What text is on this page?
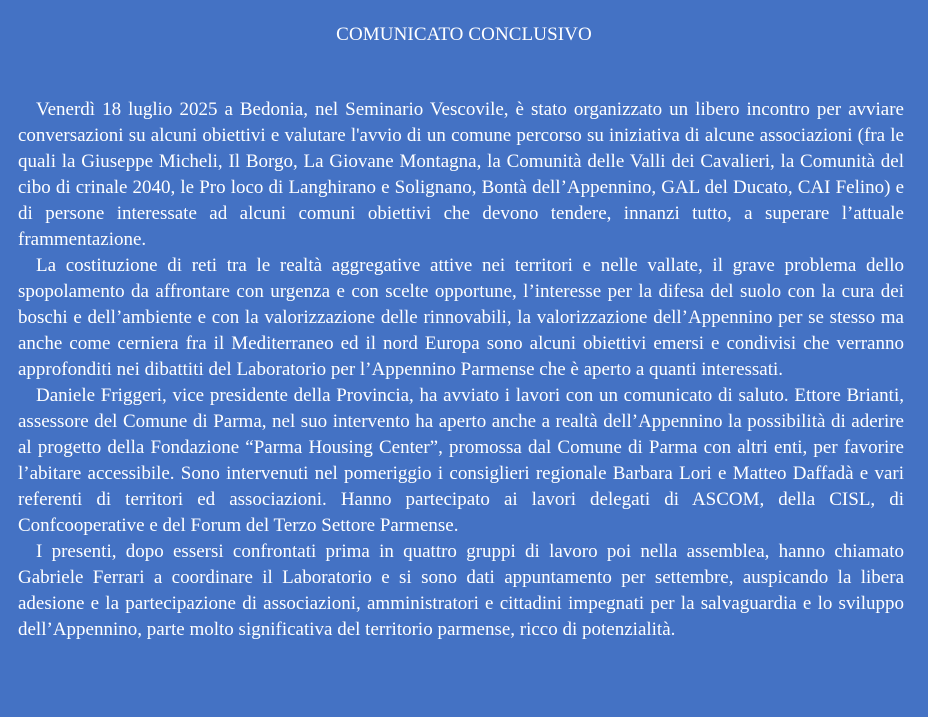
COMUNICATO CONCLUSIVO

Venerdì 18 luglio 2025 a Bedonia, nel Seminario Vescovile, è stato organizzato un libero incontro per avviare conversazioni su alcuni obiettivi e valutare l'avvio di un comune percorso su iniziativa di alcune associazioni (fra le quali la Giuseppe Micheli, Il Borgo, La Giovane Montagna, la Comunità delle Valli dei Cavalieri, la Comunità del cibo di crinale 2040, le Pro loco di Langhirano e Solignano, Bontà dell’Appennino, GAL del Ducato, CAI Felino) e di persone interessate ad alcuni comuni obiettivi che devono tendere, innanzi tutto, a superare l’attuale frammentazione.

La costituzione di reti tra le realtà aggregative attive nei territori e nelle vallate, il grave problema dello spopolamento da affrontare con urgenza e con scelte opportune, l’interesse per la difesa del suolo con la cura dei boschi e dell’ambiente e con la valorizzazione delle rinnovabili, la valorizzazione dell’Appennino per se stesso ma anche come cerniera fra il Mediterraneo ed il nord Europa sono alcuni obiettivi emersi e condivisi che verranno approfonditi nei dibattiti del Laboratorio per l’Appennino Parmense che è aperto a quanti interessati.

Daniele Friggeri, vice presidente della Provincia, ha avviato i lavori con un comunicato di saluto. Ettore Brianti, assessore del Comune di Parma, nel suo intervento ha aperto anche a realtà dell’Appennino la possibilità di aderire al progetto della Fondazione “Parma Housing Center”, promossa dal Comune di Parma con altri enti, per favorire l’abitare accessibile. Sono intervenuti nel pomeriggio i consiglieri regionale Barbara Lori e Matteo Daffadà e vari referenti di territori ed associazioni. Hanno partecipato ai lavori delegati di ASCOM, della CISL, di Confcooperative e del Forum del Terzo Settore Parmense.

I presenti, dopo essersi confrontati prima in quattro gruppi di lavoro poi nella assemblea, hanno chiamato Gabriele Ferrari a coordinare il Laboratorio e si sono dati appuntamento per settembre, auspicando la libera adesione e la partecipazione di associazioni, amministratori e cittadini impegnati per la salvaguardia e lo sviluppo dell’Appennino, parte molto significativa del territorio parmense, ricco di potenzialità.
